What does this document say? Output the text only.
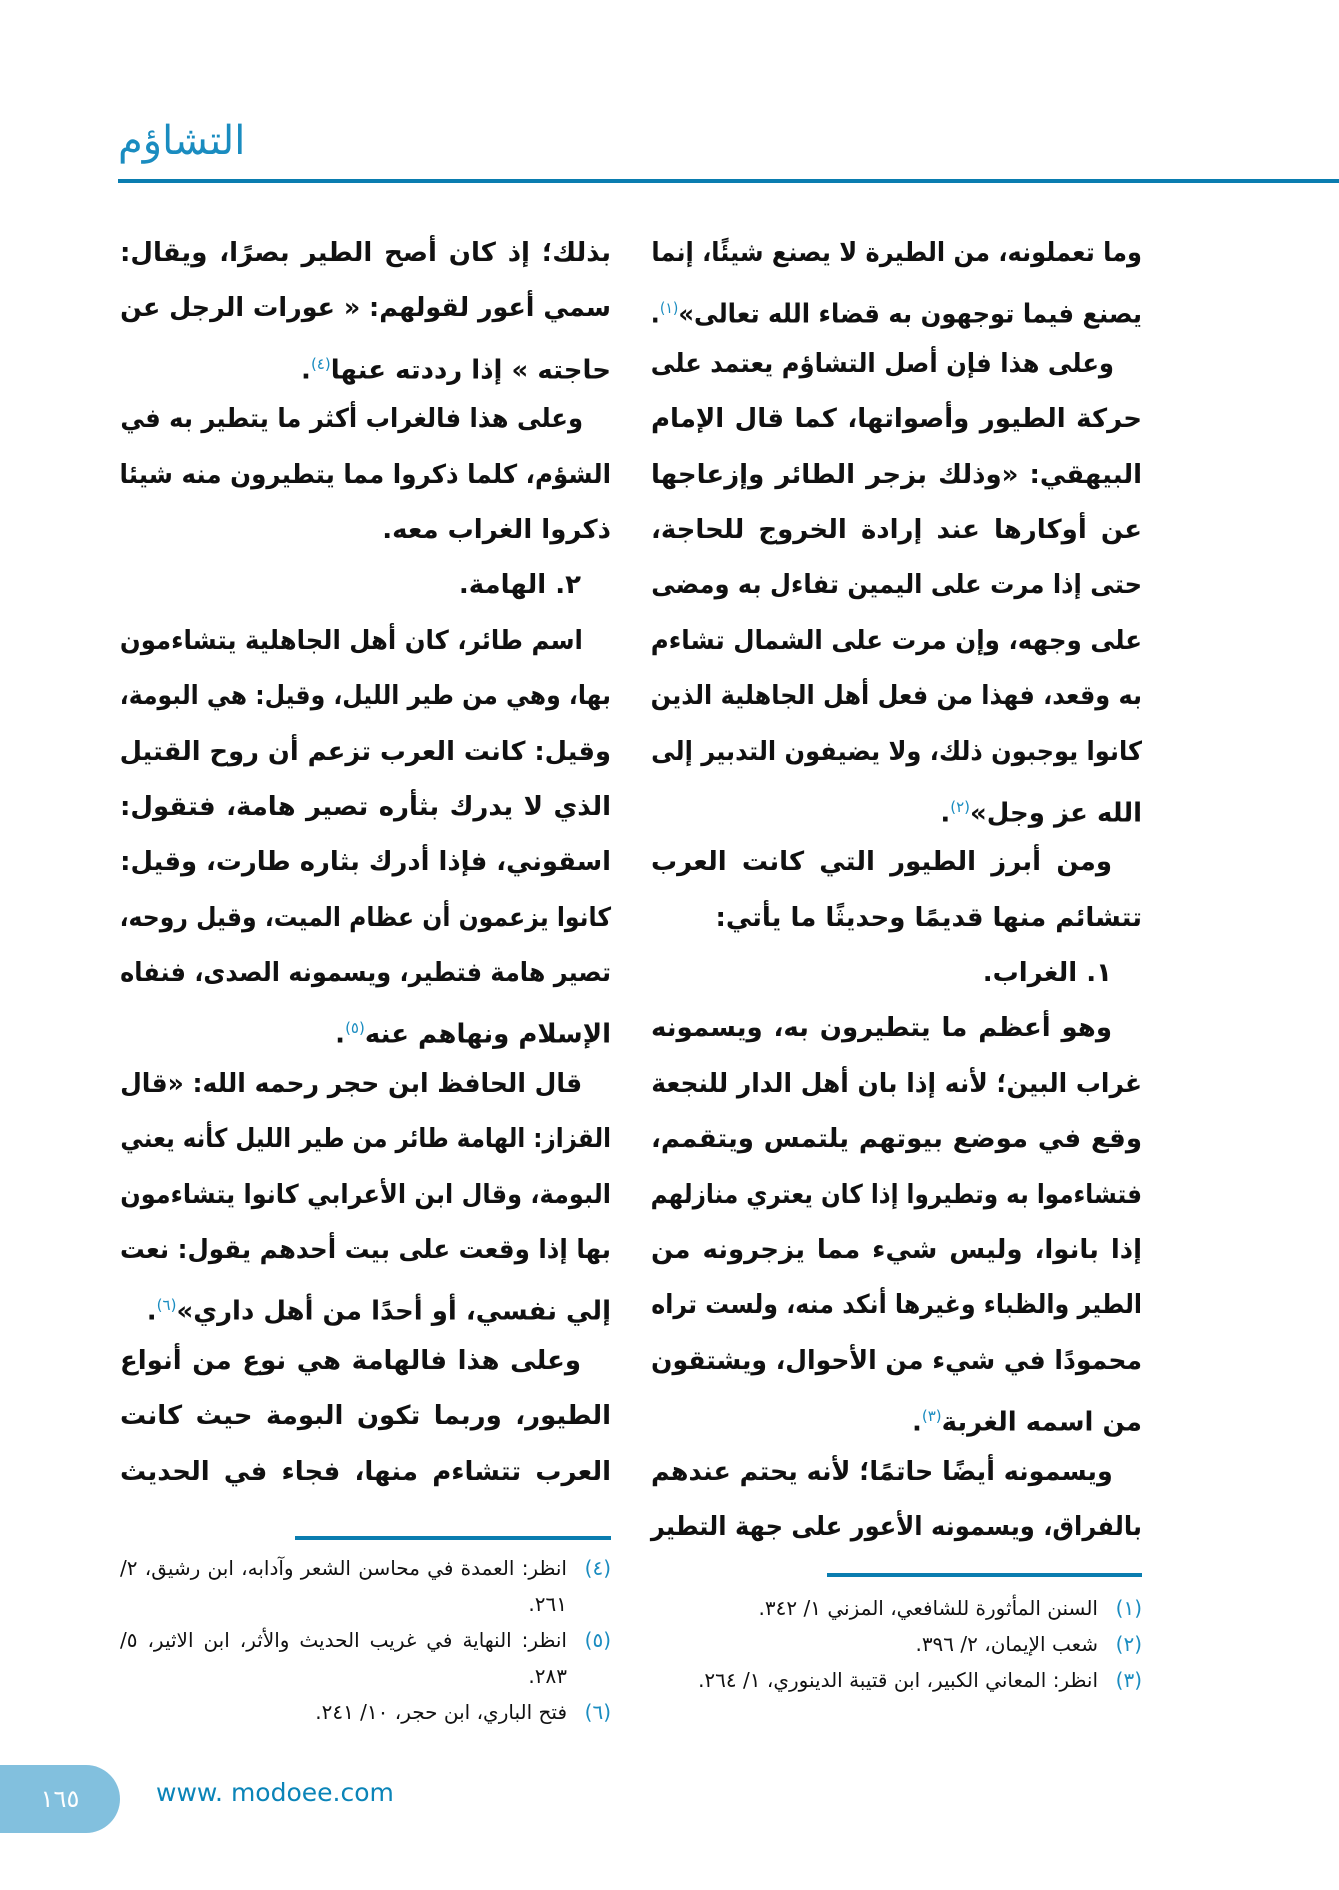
التشاؤم
وما تعملونه، من الطيرة لا يصنع شيئًا، إنما
يصنع فيما توجهون به قضاء الله تعالى»$^{(١)}$.
وعلى هذا فإن أصل التشاؤم يعتمد على
حركة الطيور وأصواتها، كما قال الإمام
البيهقي: «وذلك بزجر الطائر وإزعاجها
عن أوكارها عند إرادة الخروج للحاجة،
حتى إذا مرت على اليمين تفاءل به ومضى
على وجهه، وإن مرت على الشمال تشاءم
به وقعد، فهذا من فعل أهل الجاهلية الذين
كانوا يوجبون ذلك، ولا يضيفون التدبير إلى
الله عز وجل»$^{(٢)}$.
ومن أبرز الطيور التي كانت العرب
تتشائم منها قديمًا وحديثًا ما يأتي:
١. الغراب.
وهو أعظم ما يتطيرون به، ويسمونه
غراب البين؛ لأنه إذا بان أهل الدار للنجعة
وقع في موضع بيوتهم يلتمس ويتقمم،
فتشاءموا به وتطيروا إذا كان يعتري منازلهم
إذا بانوا، وليس شيء مما يزجرونه من
الطير والظباء وغيرها أنكد منه، ولست تراه
محمودًا في شيء من الأحوال، ويشتقون
من اسمه الغربة$^{(٣)}$.
ويسمونه أيضًا حاتمًا؛ لأنه يحتم عندهم
بالفراق، ويسمونه الأعور على جهة التطير
بذلك؛ إذ كان أصح الطير بصرًا، ويقال:
سمي أعور لقولهم: « عورات الرجل عن
حاجته » إذا رددته عنها$^{(٤)}$.
وعلى هذا فالغراب أكثر ما يتطير به في
الشؤم، كلما ذكروا مما يتطيرون منه شيئا
ذكروا الغراب معه.
٢. الهامة.
اسم طائر، كان أهل الجاهلية يتشاءمون
بها، وهي من طير الليل، وقيل: هي البومة،
وقيل: كانت العرب تزعم أن روح القتيل
الذي لا يدرك بثأره تصير هامة، فتقول:
اسقوني، فإذا أدرك بثاره طارت، وقيل:
كانوا يزعمون أن عظام الميت، وقيل روحه،
تصير هامة فتطير، ويسمونه الصدى، فنفاه
الإسلام ونهاهم عنه$^{(٥)}$.
قال الحافظ ابن حجر رحمه الله: «قال
القزاز: الهامة طائر من طير الليل كأنه يعني
البومة، وقال ابن الأعرابي كانوا يتشاءمون
بها إذا وقعت على بيت أحدهم يقول: نعت
إلي نفسي، أو أحدًا من أهل داري»$^{(٦)}$.
وعلى هذا فالهامة هي نوع من أنواع
الطيور، وربما تكون البومة حيث كانت
العرب تتشاءم منها، فجاء في الحديث
(١)
السنن المأثورة للشافعي، المزني ١/ ٣٤٢.
(٢)
شعب الإيمان، ٢/ ٣٩٦.
(٣)
انظر: المعاني الكبير، ابن قتيبة الدينوري، ١/ ٢٦٤.
(٤)
انظر: العمدة في محاسن الشعر وآدابه، ابن رشيق، ٢/ ٢٦١.
(٥)
انظر: النهاية في غريب الحديث والأثر، ابن الاثير، ٥/ ٢٨٣.
(٦)
فتح الباري، ابن حجر، ١٠/ ٢٤١.
١٦٥	www. modoee.com
